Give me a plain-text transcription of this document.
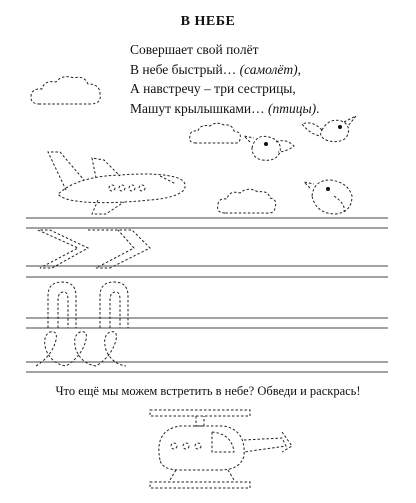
В НЕБЕ
Совершает свой полёт
В небе быстрый… (самолёт),
А навстречу – три сестрицы,
Машут крылышками… (птицы).
Что ещё мы можем встретить в небе? Обведи и раскрась!
